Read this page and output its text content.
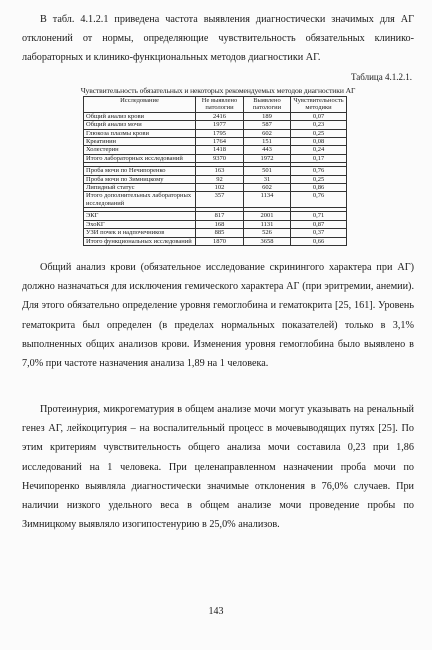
В табл. 4.1.2.1 приведена частота выявления диагностически значимых для АГ отклонений от нормы, определяющие чувствительность обязательных клинико-лабораторных и клинико-функциональных методов диагностики АГ.

Таблица 4.1.2.1.
Чувствительность обязательных и некоторых рекомендуемых методов диагностики АГ
Исследование	Не выявлено патологии	Выявлено патологии	Чувствительность методики
Общий анализ крови	2416	189	0,07
Общий анализ мочи	1977	587	0,23
Глюкоза плазмы крови	1795	602	0,25
Креатинин	1764	151	0,08
Холестерин	1418	443	0,24
Итого лабораторных исследований	9370	1972	0,17

Проба мочи по Нечипоренко	163	501	0,76
Проба мочи по Зимницкому	92	31	0,25
Липидный статус	102	602	0,86
Итого дополнительных лабораторных исследований	357	1134	0,76

ЭКГ	817	2001	0,71
ЭхоКГ	168	1131	0,87
УЗИ почек и надпочечников	885	526	0,37
Итого функциональных исследований	1870	3658	0,66

Общий анализ крови (обязательное исследование скринингого характера при АГ) должно назначаться для исключения гемического характера АГ (при эритремии, анемии). Для этого обязательно определение уровня гемоглобина и гематокрита [25, 161]. Уровень гематокрита был определен (в пределах нормальных показателей) только в 3,1% выполненных общих анализов крови. Изменения уровня гемоглобина было выявлено в 7,0% при частоте назначения анализа 1,89 на 1 человека.

Протеинурия, микрогематурия в общем анализе мочи могут указывать на ренальный генез АГ, лейкоцитурия – на воспалительный процесс в мочевыводящих путях [25]. По этим критериям чувствительность общего анализа мочи составила 0,23 при 1,86 исследований на 1 человека. При целенаправленном назначении проба мочи по Нечипоренко выявляла диагностически значимые отклонения в 76,0% случаев. При наличии низкого удельного веса в общем анализе мочи проведение пробы по Зимницкому выявляло изогипостенурию в 25,0% анализов.

143
